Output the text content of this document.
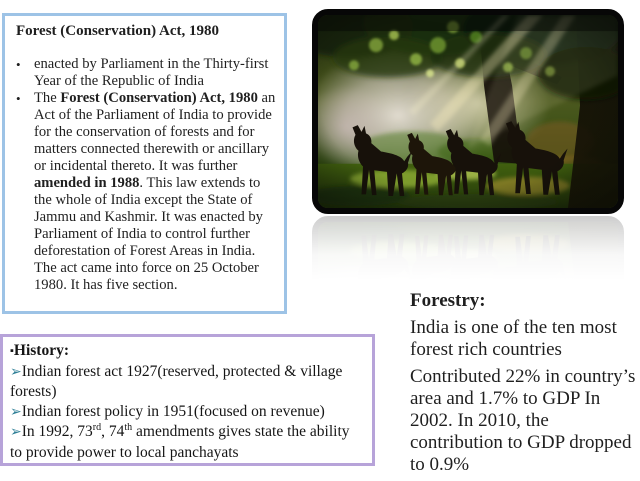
Forest (Conservation) Act, 1980
• enacted by Parliament in the Thirty-first Year of the Republic of India
• The Forest (Conservation) Act, 1980 an Act of the Parliament of India to provide for the conservation of forests and for matters connected therewith or ancillary or incidental thereto. It was further amended in 1988. This law extends to the whole of India except the State of Jammu and Kashmir. It was enacted by Parliament of India to control further deforestation of Forest Areas in India. The act came into force on 25 October 1980. It has five section.
▪History:
➢Indian forest act 1927(reserved, protected & village forests)
➢Indian forest policy in 1951(focused on revenue)
➢In 1992, 73rd, 74th amendments gives state the ability to provide power to local panchayats
Forestry:
India is one of the ten most forest rich countries
Contributed 22% in country’s area and 1.7% to GDP In 2002. In 2010, the contribution to GDP dropped to 0.9%
